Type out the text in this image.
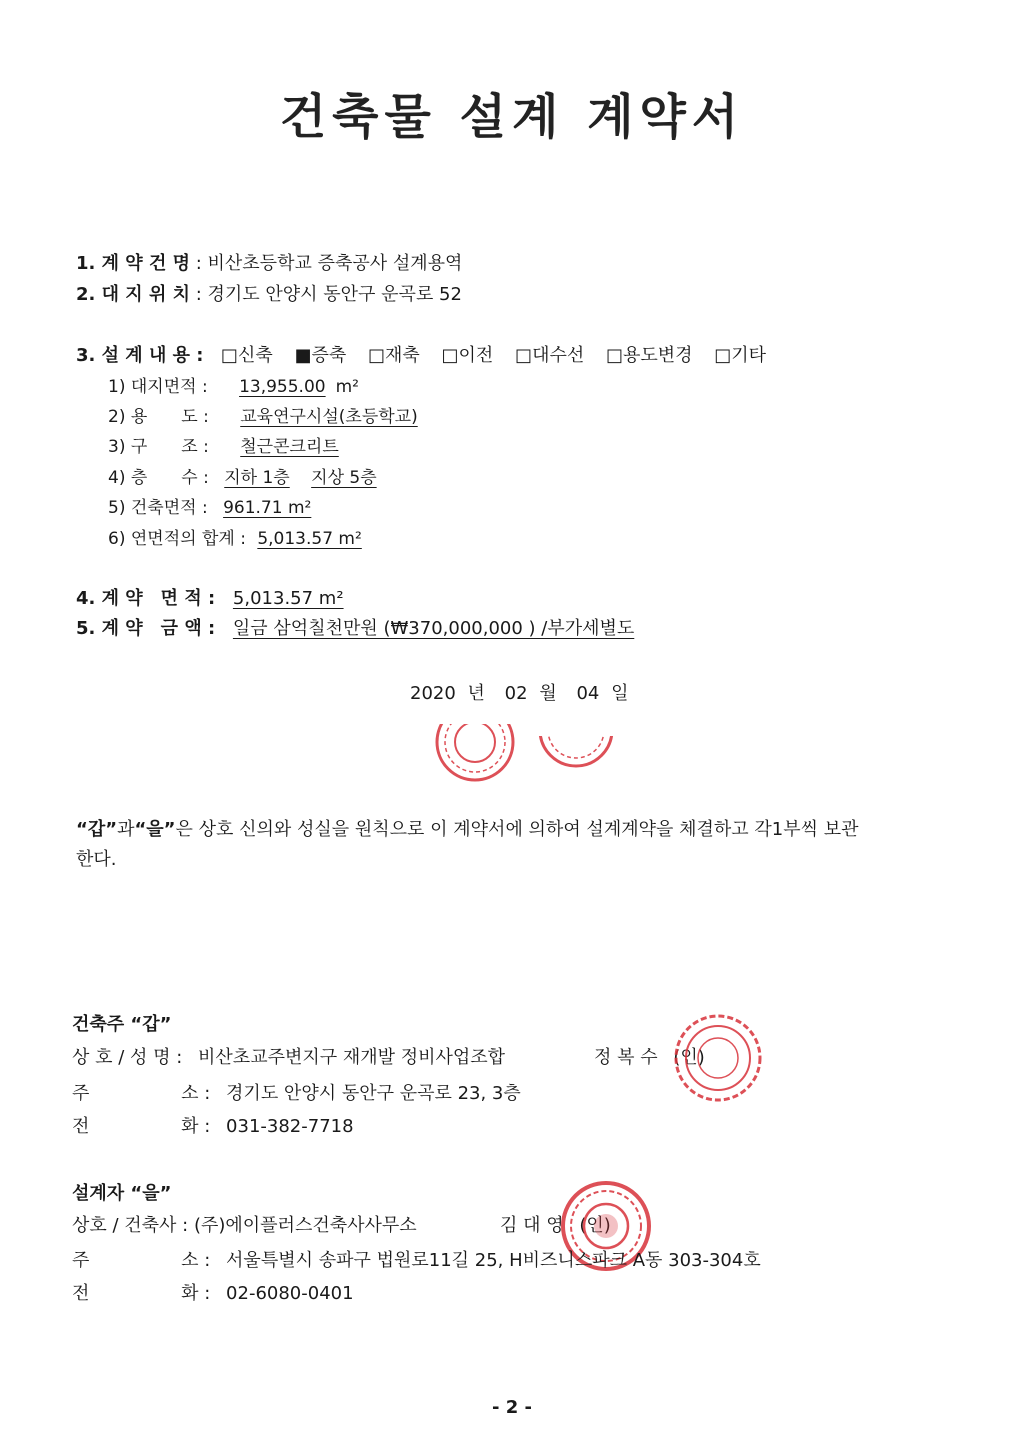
건축물 설계 계약서
1. 계 약 건 명 : 비산초등학교 증축공사 설계용역
2. 대 지 위 치 : 경기도 안양시 동안구 운곡로 52
3. 설 계 내 용 : □신축 ■증축 □재축 □이전 □대수선 □용도변경 □기타
1) 대지면적 : 13,955.00 m²
2) 용　　도 : 교육연구시설(초등학교)
3) 구　　조 : 철근콘크리트
4) 층　　수 : 지하 1층 지상 5층
5) 건축면적 : 961.71 m²
6) 연면적의 합계 : 5,013.57 m²
4. 계 약　면 적 : 5,013.57 m²
5. 계 약　금 액 : 일금 삼억칠천만원 (₩370,000,000 ) /부가세별도
2020 년 02 월 04 일
“갑”과“을”은 상호 신의와 성실을 원칙으로 이 계약서에 의하여 설계계약을 체결하고 각1부씩 보관
한다.
건축주 “갑”
상 호 / 성 명 : 비산초교주변지구 재개발 정비사업조합	정 복 수 (인)
주	소 : 경기도 안양시 동안구 운곡로 23, 3층
전	화 : 031-382-7718
설계자 “을”
상호 / 건축사 : (주)에이플러스건축사사무소	김 대 영 (인)
주	소 : 서울특별시 송파구 법원로11길 25, H비즈니스파크 A동 303-304호
전	화 : 02-6080-0401
- 2 -
